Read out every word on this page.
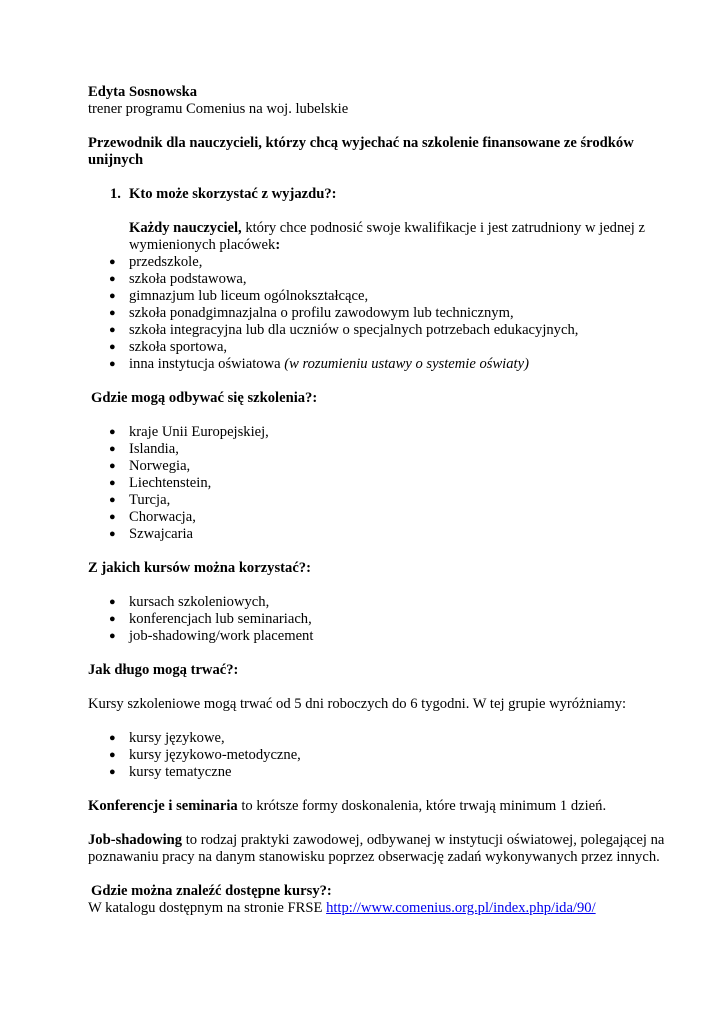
Edyta Sosnowska

trener programu Comenius na woj. lubelskie

Przewodnik dla nauczycieli, którzy chcą wyjechać na szkolenie finansowane ze środków unijnych

1. Kto może skorzystać z wyjazdu?:

Każdy nauczyciel, który chce podnosić swoje kwalifikacje i jest zatrudniony w jednej z wymienionych placówek:

● przedszkole,
● szkoła podstawowa,
● gimnazjum lub liceum ogólnokształcące,
● szkoła ponadgimnazjalna o profilu zawodowym lub technicznym,
● szkoła integracyjna lub dla uczniów o specjalnych potrzebach edukacyjnych,
● szkoła sportowa,
● inna instytucja oświatowa (w rozumieniu ustawy o systemie oświaty)

Gdzie mogą odbywać się szkolenia?:

● kraje Unii Europejskiej,
● Islandia,
● Norwegia,
● Liechtenstein,
● Turcja,
● Chorwacja,
● Szwajcaria

Z jakich kursów można korzystać?:

● kursach szkoleniowych,
● konferencjach lub seminariach,
● job-shadowing/work placement

Jak długo mogą trwać?:

Kursy szkoleniowe mogą trwać od 5 dni roboczych do 6 tygodni. W tej grupie wyróżniamy:

● kursy językowe,
● kursy językowo-metodyczne,
● kursy tematyczne

Konferencje i seminaria to krótsze formy doskonalenia, które trwają minimum 1 dzień.

Job-shadowing to rodzaj praktyki zawodowej, odbywanej w instytucji oświatowej, polegającej na poznawaniu pracy na danym stanowisku poprzez obserwację zadań wykonywanych przez innych.

Gdzie można znaleźć dostępne kursy?:

W katalogu dostępnym na stronie FRSE http://www.comenius.org.pl/index.php/ida/90/
